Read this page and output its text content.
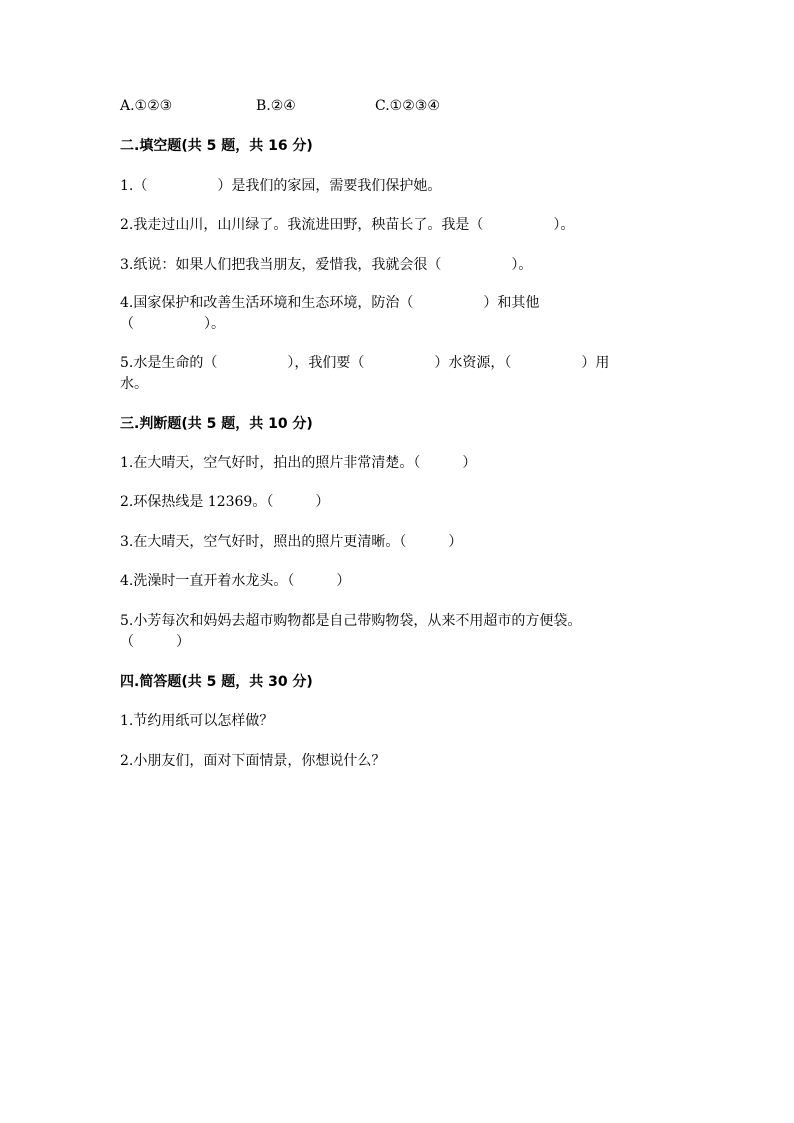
A.①②③	B.②④	C.①②③④
二.填空题(共 5 题，共 16 分)
1.（　　　　　）是我们的家园，需要我们保护她。
2.我走过山川，山川绿了。我流进田野，秧苗长了。我是（　　　　　）。
3.纸说：如果人们把我当朋友，爱惜我，我就会很（　　　　　）。
4.国家保护和改善生活环境和生态环境，防治（　　　　　）和其他
（　　　　　）。
5.水是生命的（　　　　　），我们要（　　　　　）水资源，（　　　　　）用
水。
三.判断题(共 5 题，共 10 分)
1.在大晴天，空气好时，拍出的照片非常清楚。（　　　）
2.环保热线是 12369。（　　　）
3.在大晴天，空气好时，照出的照片更清晰。（　　　）
4.洗澡时一直开着水龙头。（　　　）
5.小芳每次和妈妈去超市购物都是自己带购物袋，从来不用超市的方便袋。
（　　　）
四.简答题(共 5 题，共 30 分)
1.节约用纸可以怎样做？
2.小朋友们，面对下面情景，你想说什么？
